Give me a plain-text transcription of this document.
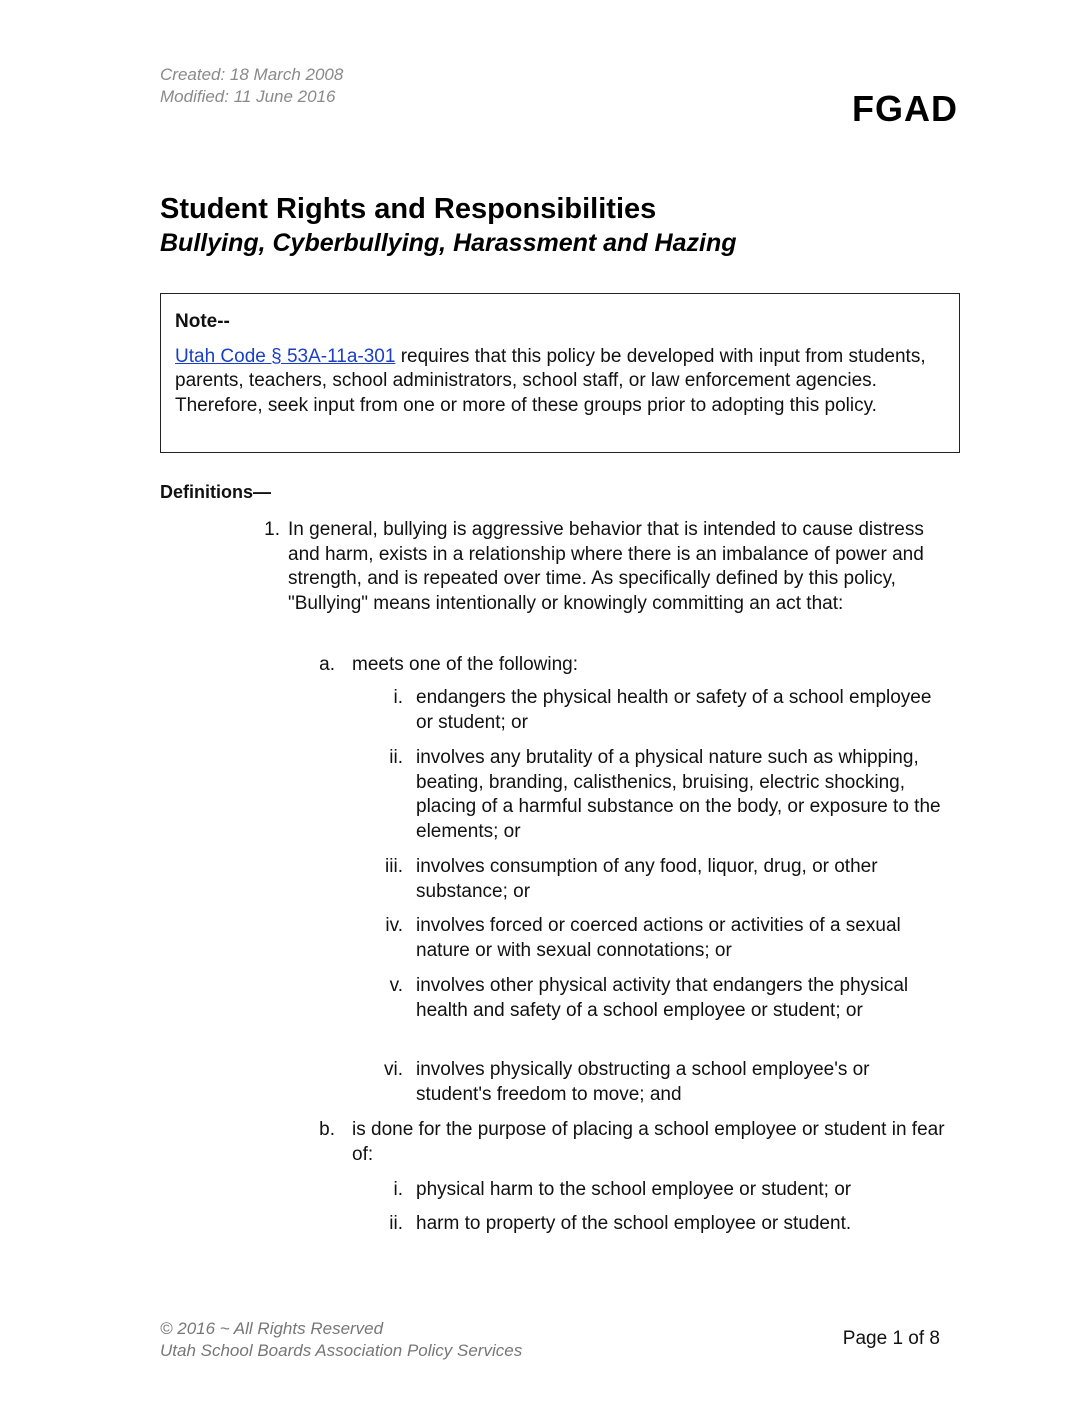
Created: 18 March 2008
Modified: 11 June 2016	FGAD
Student Rights and Responsibilities
Bullying, Cyberbullying, Harassment and Hazing
Note--
Utah Code § 53A-11a-301 requires that this policy be developed with input from students, parents, teachers, school administrators, school staff, or law enforcement agencies. Therefore, seek input from one or more of these groups prior to adopting this policy.
Definitions—
1. In general, bullying is aggressive behavior that is intended to cause distress and harm, exists in a relationship where there is an imbalance of power and strength, and is repeated over time. As specifically defined by this policy, "Bullying" means intentionally or knowingly committing an act that:
a. meets one of the following:
i. endangers the physical health or safety of a school employee or student; or
ii. involves any brutality of a physical nature such as whipping, beating, branding, calisthenics, bruising, electric shocking, placing of a harmful substance on the body, or exposure to the elements; or
iii. involves consumption of any food, liquor, drug, or other substance; or
iv. involves forced or coerced actions or activities of a sexual nature or with sexual connotations; or
v. involves other physical activity that endangers the physical health and safety of a school employee or student; or
vi. involves physically obstructing a school employee's or student's freedom to move; and
b. is done for the purpose of placing a school employee or student in fear of:
i. physical harm to the school employee or student; or
ii. harm to property of the school employee or student.
© 2016 ~ All Rights Reserved
Utah School Boards Association Policy Services
Page 1 of 8
